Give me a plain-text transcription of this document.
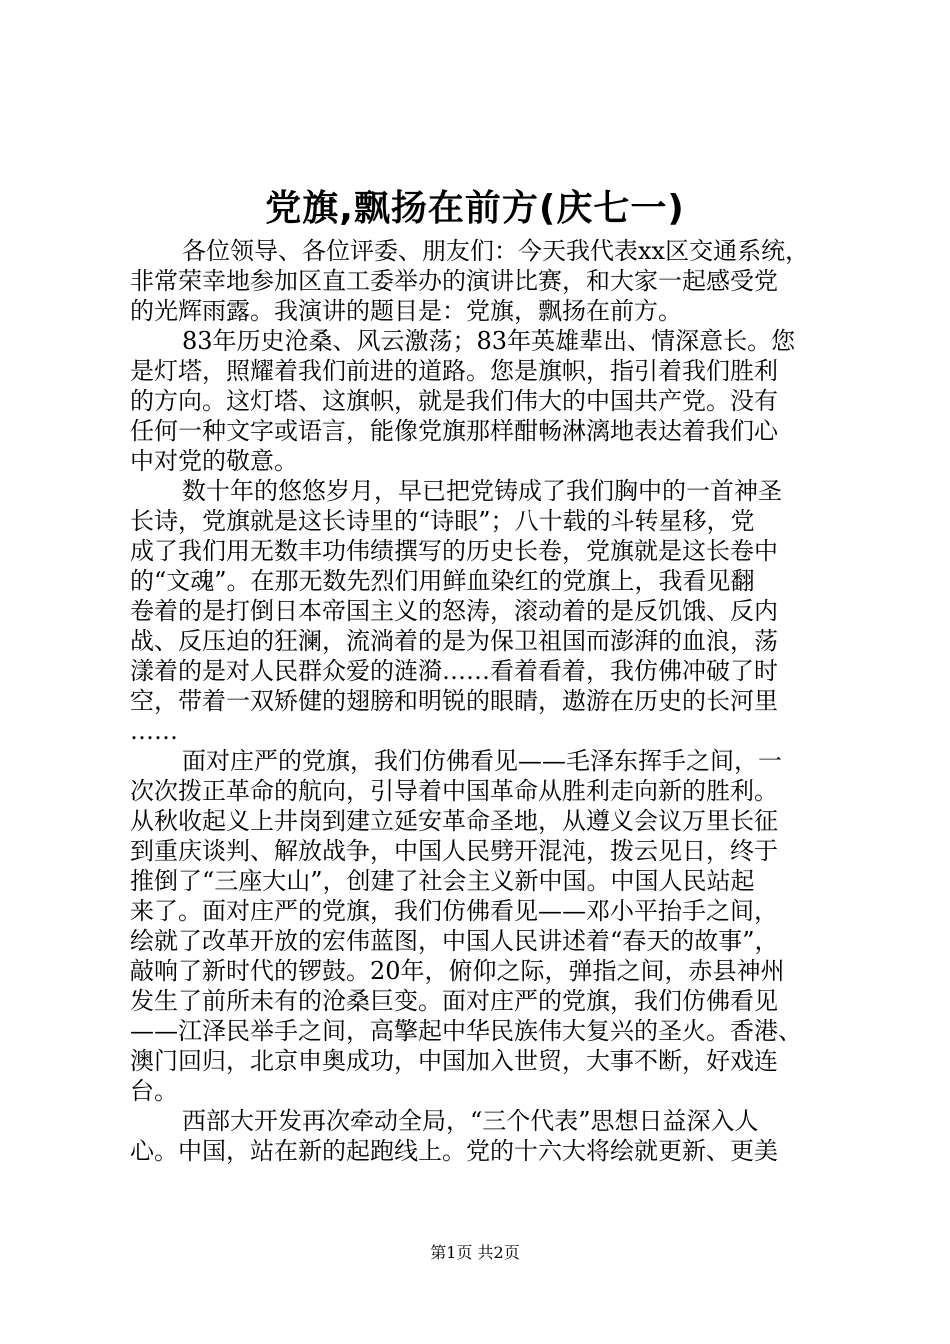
党旗,飘扬在前方(庆七一)
各位领导、各位评委、朋友们：今天我代表xx区交通系统，
非常荣幸地参加区直工委举办的演讲比赛，和大家一起感受党
的光辉雨露。我演讲的题目是：党旗，飘扬在前方。
83年历史沧桑、风云激荡；83年英雄辈出、情深意长。您
是灯塔，照耀着我们前进的道路。您是旗帜，指引着我们胜利
的方向。这灯塔、这旗帜，就是我们伟大的中国共产党。没有
任何一种文字或语言，能像党旗那样酣畅淋漓地表达着我们心
中对党的敬意。
数十年的悠悠岁月，早已把党铸成了我们胸中的一首神圣
长诗，党旗就是这长诗里的“诗眼”；八十载的斗转星移，党
成了我们用无数丰功伟绩撰写的历史长卷，党旗就是这长卷中
的“文魂”。在那无数先烈们用鲜血染红的党旗上，我看见翻
卷着的是打倒日本帝国主义的怒涛，滚动着的是反饥饿、反内
战、反压迫的狂澜，流淌着的是为保卫祖国而澎湃的血浪，荡
漾着的是对人民群众爱的涟漪……看着看着，我仿佛冲破了时
空，带着一双矫健的翅膀和明锐的眼睛，遨游在历史的长河里
……
面对庄严的党旗，我们仿佛看见——毛泽东挥手之间，一
次次拨正革命的航向，引导着中国革命从胜利走向新的胜利。
从秋收起义上井岗到建立延安革命圣地，从遵义会议万里长征
到重庆谈判、解放战争，中国人民劈开混沌，拨云见日，终于
推倒了“三座大山”，创建了社会主义新中国。中国人民站起
来了。面对庄严的党旗，我们仿佛看见——邓小平抬手之间，
绘就了改革开放的宏伟蓝图，中国人民讲述着“春天的故事”，
敲响了新时代的锣鼓。20年，俯仰之际，弹指之间，赤县神州
发生了前所未有的沧桑巨变。面对庄严的党旗，我们仿佛看见
——江泽民举手之间，高擎起中华民族伟大复兴的圣火。香港、
澳门回归，北京申奥成功，中国加入世贸，大事不断，好戏连
台。
西部大开发再次牵动全局，“三个代表”思想日益深入人
心。中国，站在新的起跑线上。党的十六大将绘就更新、更美
第1页 共2页
